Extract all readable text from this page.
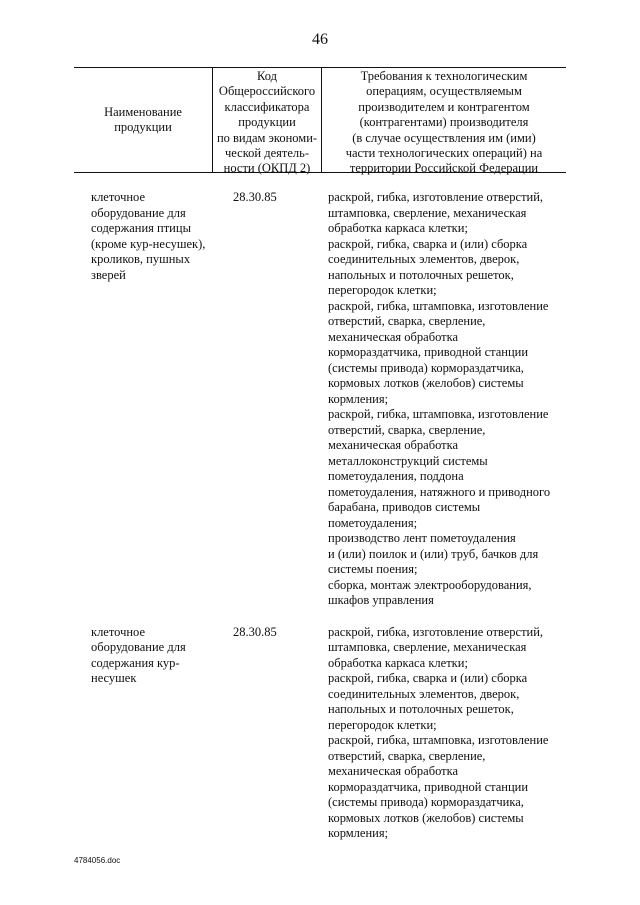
46
Наименование
продукции
Код
Общероссийского
классификатора
продукции
по видам экономи-
ческой деятель-
ности (ОКПД 2)
Требования к технологическим
операциям, осуществляемым
производителем и контрагентом
(контрагентами) производителя
(в случае осуществления им (ими)
части технологических операций) на
территории Российской Федерации
клеточное
оборудование для
содержания птицы
(кроме кур-несушек),
кроликов, пушных
зверей
28.30.85	раскрой, гибка, изготовление отверстий,
штамповка, сверление, механическая
обработка каркаса клетки;
раскрой, гибка, сварка и (или) сборка
соединительных элементов, дверок,
напольных и потолочных решеток,
перегородок клетки;
раскрой, гибка, штамповка, изготовление
отверстий, сварка, сверление,
механическая обработка
кормораздатчика, приводной станции
(системы привода) кормораздатчика,
кормовых лотков (желобов) системы
кормления;
раскрой, гибка, штамповка, изготовление
отверстий, сварка, сверление,
механическая обработка
металлоконструкций системы
пометоудаления, поддона
пометоудаления, натяжного и приводного
барабана, приводов системы
пометоудаления;
производство лент пометоудаления
и (или) поилок и (или) труб, бачков для
системы поения;
сборка, монтаж электрооборудования,
шкафов управления
клеточное
оборудование для
содержания кур-
несушек
28.30.85	раскрой, гибка, изготовление отверстий,
штамповка, сверление, механическая
обработка каркаса клетки;
раскрой, гибка, сварка и (или) сборка
соединительных элементов, дверок,
напольных и потолочных решеток,
перегородок клетки;
раскрой, гибка, штамповка, изготовление
отверстий, сварка, сверление,
механическая обработка
кормораздатчика, приводной станции
(системы привода) кормораздатчика,
кормовых лотков (желобов) системы
кормления;
4784056.doc
